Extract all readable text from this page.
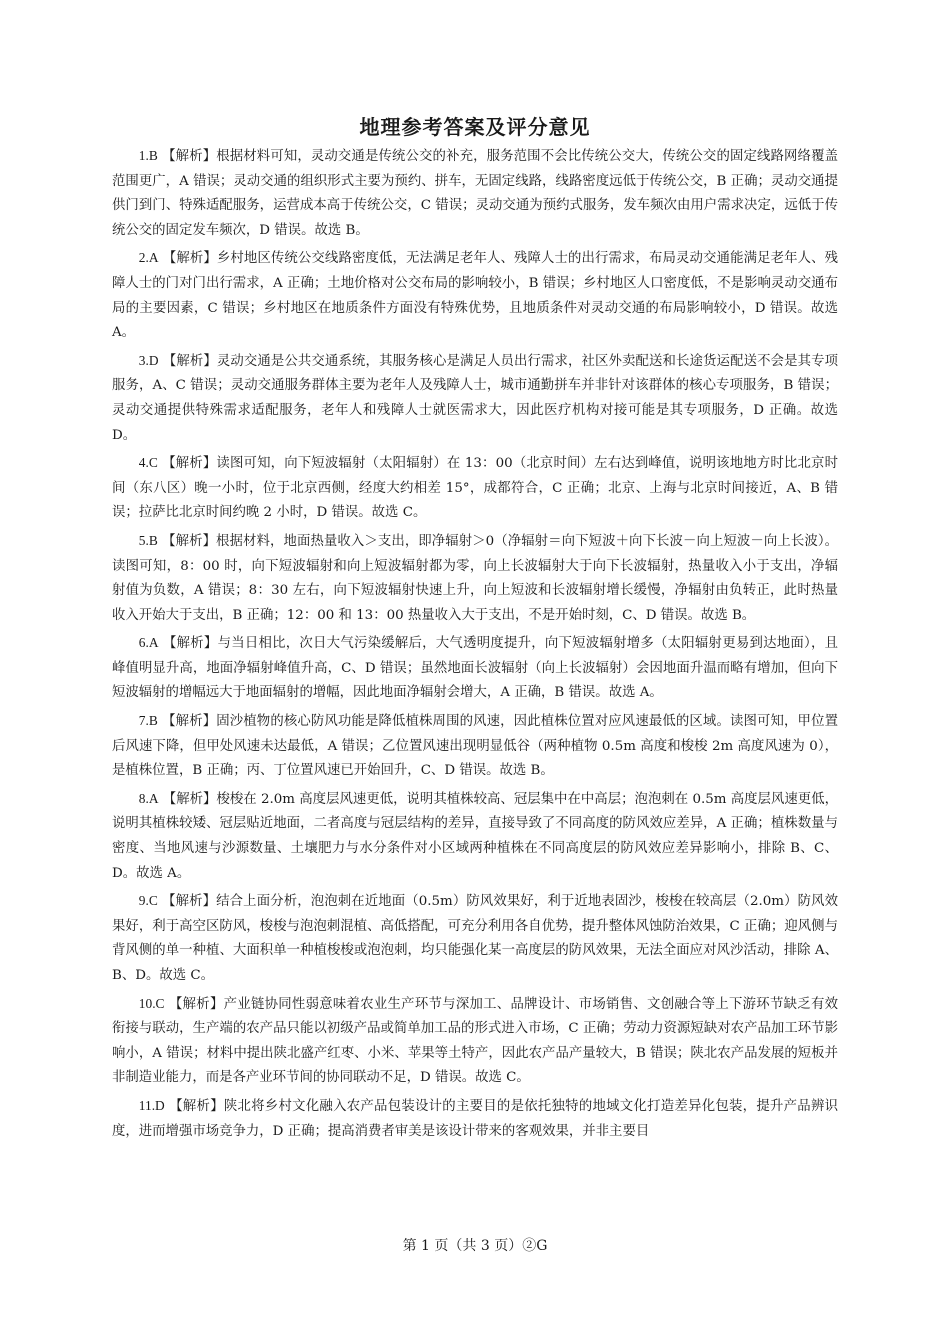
地理参考答案及评分意见

1.B 【解析】根据材料可知，灵动交通是传统公交的补充，服务范围不会比传统公交大，传统公交的固定线路网络覆盖范围更广，A 错误；灵动交通的组织形式主要为预约、拼车，无固定线路，线路密度远低于传统公交，B 正确；灵动交通提供门到门、特殊适配服务，运营成本高于传统公交，C 错误；灵动交通为预约式服务，发车频次由用户需求决定，远低于传统公交的固定发车频次，D 错误。故选 B。

2.A 【解析】乡村地区传统公交线路密度低，无法满足老年人、残障人士的出行需求，布局灵动交通能满足老年人、残障人士的门对门出行需求，A 正确；土地价格对公交布局的影响较小，B 错误；乡村地区人口密度低，不是影响灵动交通布局的主要因素，C 错误；乡村地区在地质条件方面没有特殊优势，且地质条件对灵动交通的布局影响较小，D 错误。故选 A。

3.D 【解析】灵动交通是公共交通系统，其服务核心是满足人员出行需求，社区外卖配送和长途货运配送不会是其专项服务，A、C 错误；灵动交通服务群体主要为老年人及残障人士，城市通勤拼车并非针对该群体的核心专项服务，B 错误；灵动交通提供特殊需求适配服务，老年人和残障人士就医需求大，因此医疗机构对接可能是其专项服务，D 正确。故选 D。

4.C 【解析】读图可知，向下短波辐射（太阳辐射）在 13：00（北京时间）左右达到峰值，说明该地地方时比北京时间（东八区）晚一小时，位于北京西侧，经度大约相差 15°，成都符合，C 正确；北京、上海与北京时间接近，A、B 错误；拉萨比北京时间约晚 2 小时，D 错误。故选 C。

5.B 【解析】根据材料，地面热量收入＞支出，即净辐射＞0（净辐射＝向下短波＋向下长波－向上短波－向上长波）。读图可知，8：00 时，向下短波辐射和向上短波辐射都为零，向上长波辐射大于向下长波辐射，热量收入小于支出，净辐射值为负数，A 错误；8：30 左右，向下短波辐射快速上升，向上短波和长波辐射增长缓慢，净辐射由负转正，此时热量收入开始大于支出，B 正确；12：00 和 13：00 热量收入大于支出，不是开始时刻，C、D 错误。故选 B。

6.A 【解析】与当日相比，次日大气污染缓解后，大气透明度提升，向下短波辐射增多（太阳辐射更易到达地面），且峰值明显升高，地面净辐射峰值升高，C、D 错误；虽然地面长波辐射（向上长波辐射）会因地面升温而略有增加，但向下短波辐射的增幅远大于地面辐射的增幅，因此地面净辐射会增大，A 正确，B 错误。故选 A。

7.B 【解析】固沙植物的核心防风功能是降低植株周围的风速，因此植株位置对应风速最低的区域。读图可知，甲位置后风速下降，但甲处风速未达最低，A 错误；乙位置风速出现明显低谷（两种植物 0.5m 高度和梭梭 2m 高度风速为 0），是植株位置，B 正确；丙、丁位置风速已开始回升，C、D 错误。故选 B。

8.A 【解析】梭梭在 2.0m 高度层风速更低，说明其植株较高、冠层集中在中高层；泡泡刺在 0.5m 高度层风速更低，说明其植株较矮、冠层贴近地面，二者高度与冠层结构的差异，直接导致了不同高度的防风效应差异，A 正确；植株数量与密度、当地风速与沙源数量、土壤肥力与水分条件对小区域两种植株在不同高度层的防风效应差异影响小，排除 B、C、D。故选 A。

9.C 【解析】结合上面分析，泡泡刺在近地面（0.5m）防风效果好，利于近地表固沙，梭梭在较高层（2.0m）防风效果好，利于高空区防风，梭梭与泡泡刺混植、高低搭配，可充分利用各自优势，提升整体风蚀防治效果，C 正确；迎风侧与背风侧的单一种植、大面积单一种植梭梭或泡泡刺，均只能强化某一高度层的防风效果，无法全面应对风沙活动，排除 A、B、D。故选 C。

10.C 【解析】产业链协同性弱意味着农业生产环节与深加工、品牌设计、市场销售、文创融合等上下游环节缺乏有效衔接与联动，生产端的农产品只能以初级产品或简单加工品的形式进入市场，C 正确；劳动力资源短缺对农产品加工环节影响小，A 错误；材料中提出陕北盛产红枣、小米、苹果等土特产，因此农产品产量较大，B 错误；陕北农产品发展的短板并非制造业能力，而是各产业环节间的协同联动不足，D 错误。故选 C。

11.D 【解析】陕北将乡村文化融入农产品包装设计的主要目的是依托独特的地域文化打造差异化包装，提升产品辨识度，进而增强市场竞争力，D 正确；提高消费者审美是该设计带来的客观效果，并非主要目

第 1 页（共 3 页）②G
